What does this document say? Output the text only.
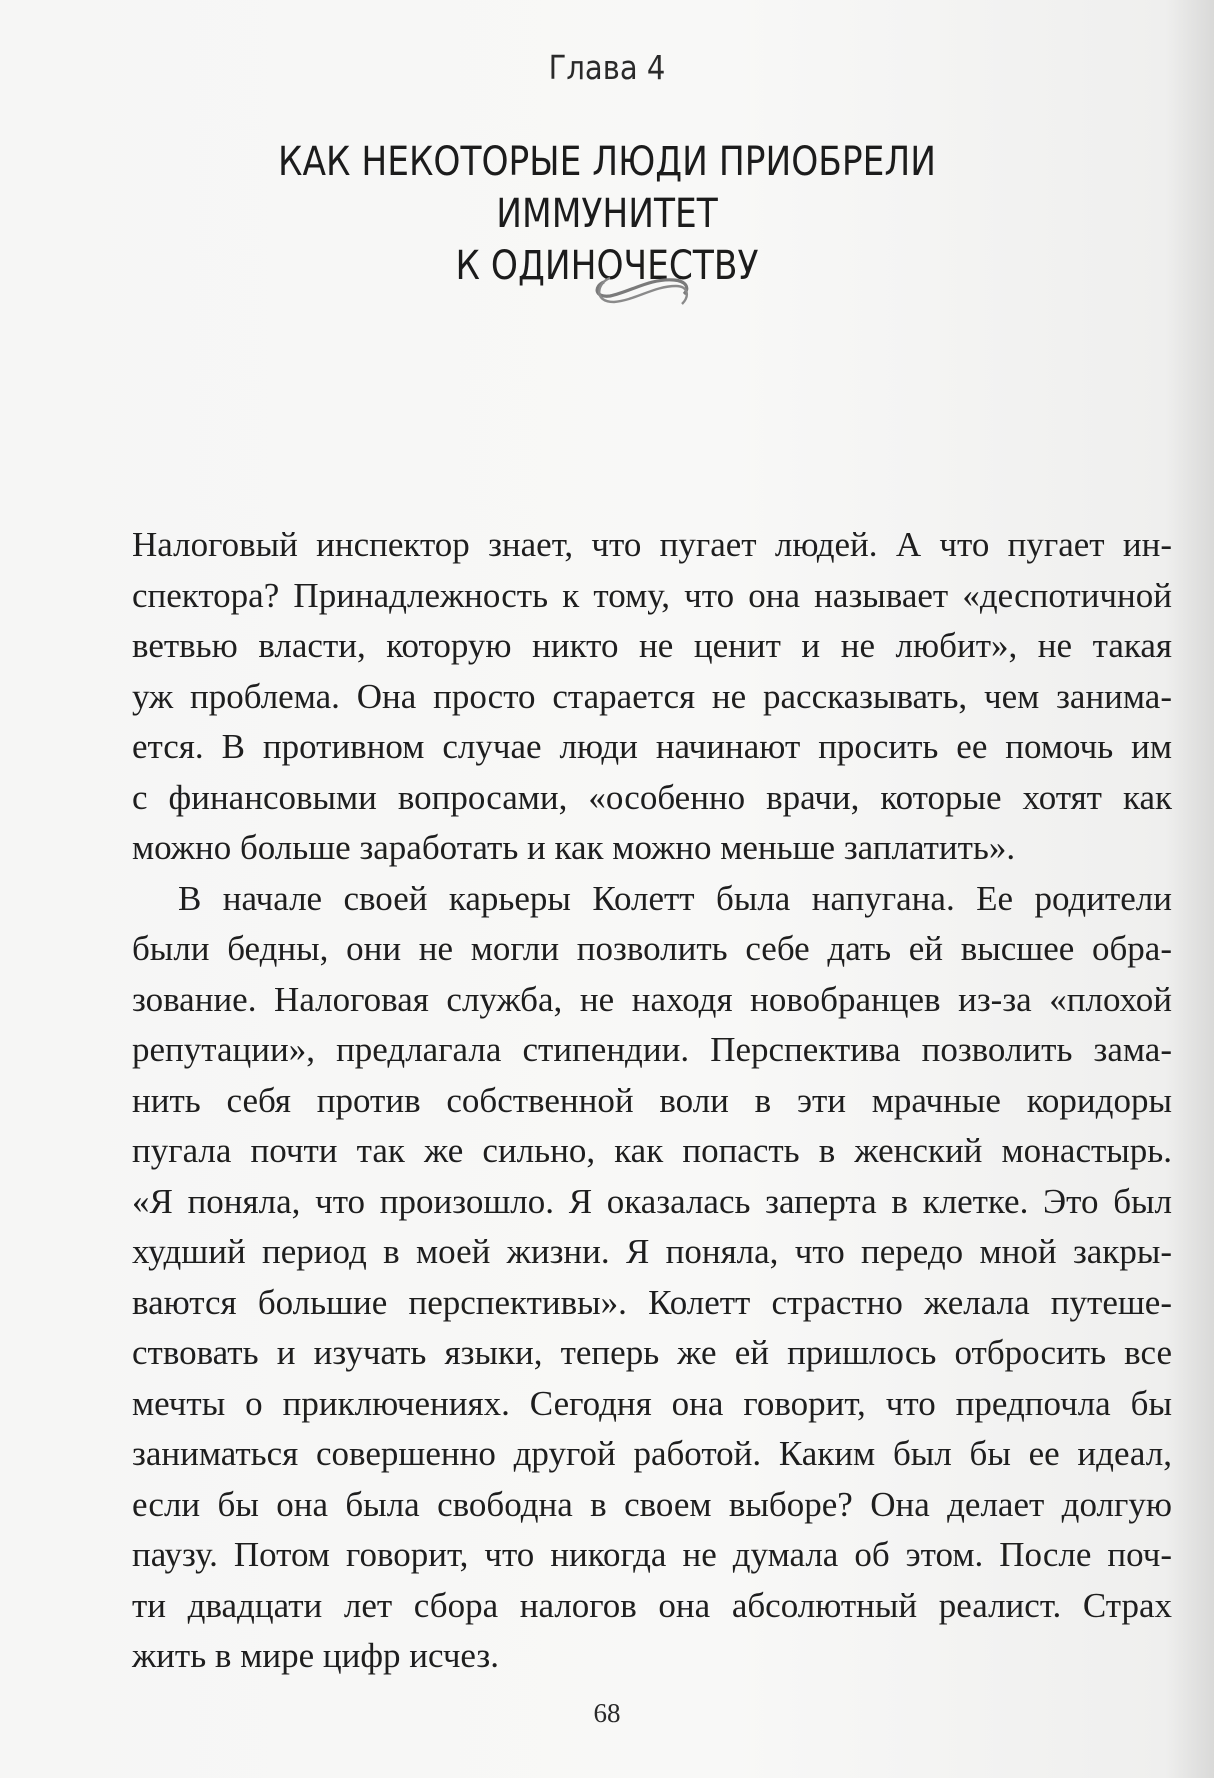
Глава 4
КАК НЕКОТОРЫЕ ЛЮДИ ПРИОБРЕЛИ ИММУНИТЕТ
К ОДИНОЧЕСТВУ

Налоговый инспектор знает, что пугает людей. А что пугает ин-
спектора? Принадлежность к тому, что она называет «деспотичной
ветвью власти, которую никто не ценит и не любит», не такая
уж проблема. Она просто старается не рассказывать, чем занима-
ется. В противном случае люди начинают просить ее помочь им
с финансовыми вопросами, «особенно врачи, которые хотят как
можно больше заработать и как можно меньше заплатить».

В начале своей карьеры Колетт была напугана. Ее родители
были бедны, они не могли позволить себе дать ей высшее обра-
зование. Налоговая служба, не находя новобранцев из-за «плохой
репутации», предлагала стипендии. Перспектива позволить зама-
нить себя против собственной воли в эти мрачные коридоры
пугала почти так же сильно, как попасть в женский монастырь.
«Я поняла, что произошло. Я оказалась заперта в клетке. Это был
худший период в моей жизни. Я поняла, что передо мной закры-
ваются большие перспективы». Колетт страстно желала путеше-
ствовать и изучать языки, теперь же ей пришлось отбросить все
мечты о приключениях. Сегодня она говорит, что предпочла бы
заниматься совершенно другой работой. Каким был бы ее идеал,
если бы она была свободна в своем выборе? Она делает долгую
паузу. Потом говорит, что никогда не думала об этом. После поч-
ти двадцати лет сбора налогов она абсолютный реалист. Страх
жить в мире цифр исчез.

68
